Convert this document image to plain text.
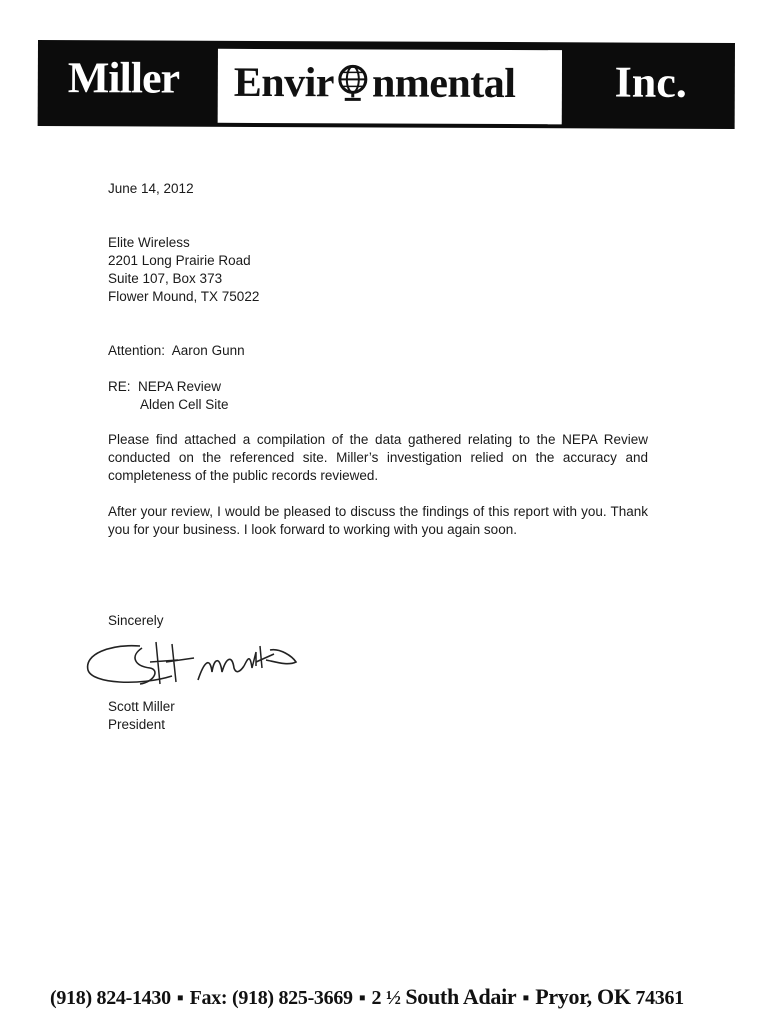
Miller Envir nmental Inc.
June 14, 2012
Elite Wireless
2201 Long Prairie Road
Suite 107, Box 373
Flower Mound, TX 75022
Attention:  Aaron Gunn
RE:  NEPA Review
Alden Cell Site
Please find attached a compilation of the data gathered relating to the NEPA Review conducted on the referenced site. Miller’s investigation relied on the accuracy and completeness of the public records reviewed.
After your review, I would be pleased to discuss the findings of this report with you. Thank you for your business. I look forward to working with you again soon.
Sincerely
Scott Miller
President
(918) 824-1430 ▪ Fax: (918) 825-3669 ▪ 2 ½ South Adair ▪ Pryor, OK 74361
